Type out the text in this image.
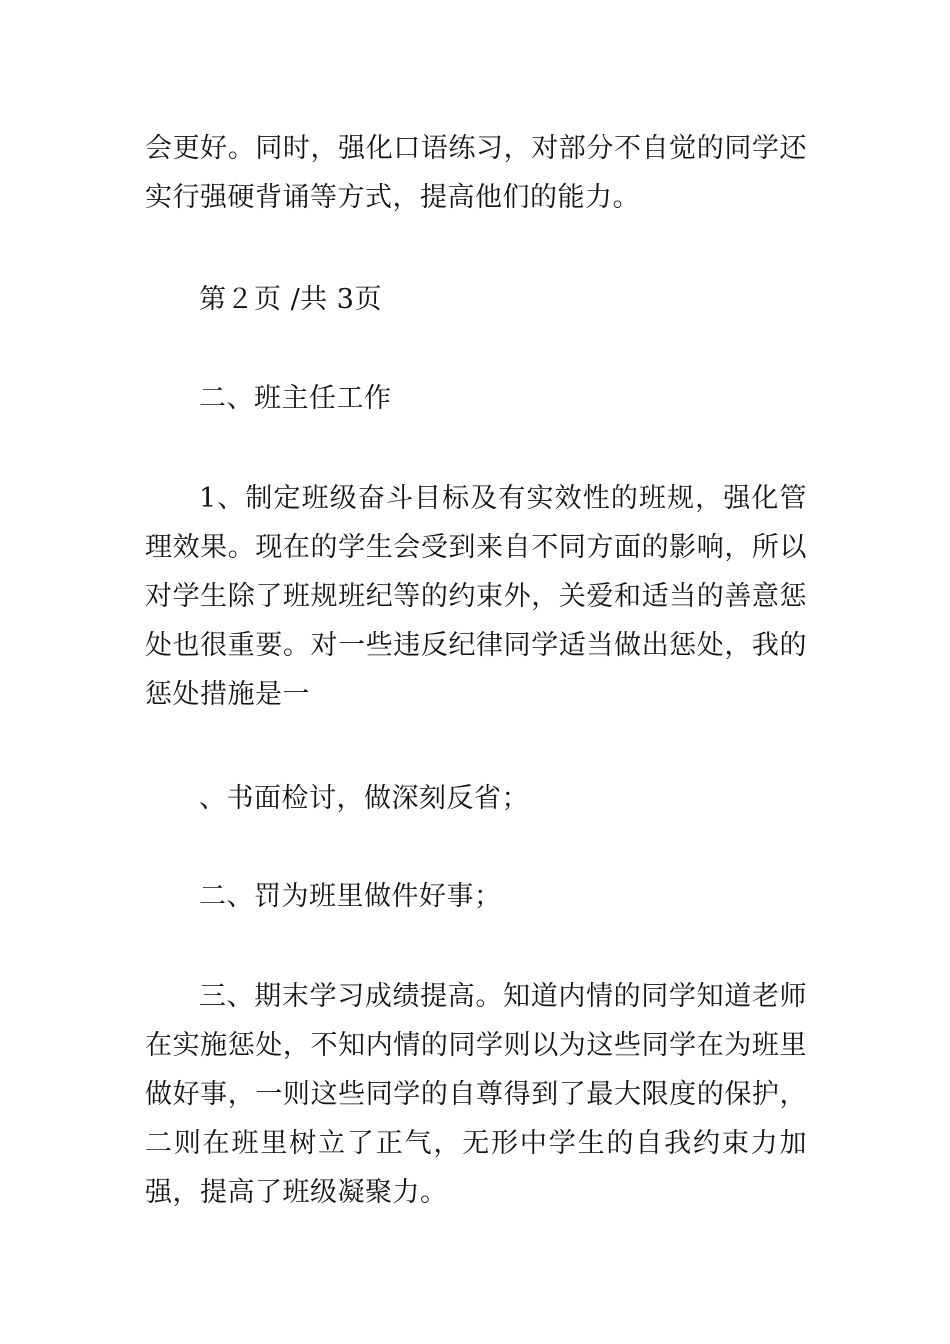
会更好。同时，强化口语练习，对部分不自觉的同学还实行强硬背诵等方式，提高他们的能力。

第２页 /共 3页

二、班主任工作

1、制定班级奋斗目标及有实效性的班规，强化管理效果。现在的学生会受到来自不同方面的影响，所以对学生除了班规班纪等的约束外，关爱和适当的善意惩处也很重要。对一些违反纪律同学适当做出惩处，我的惩处措施是一

、书面检讨，做深刻反省；

二、罚为班里做件好事；

三、期末学习成绩提高。知道内情的同学知道老师在实施惩处，不知内情的同学则以为这些同学在为班里做好事，一则这些同学的自尊得到了最大限度的保护，二则在班里树立了正气，无形中学生的自我约束力加强，提高了班级凝聚力。
